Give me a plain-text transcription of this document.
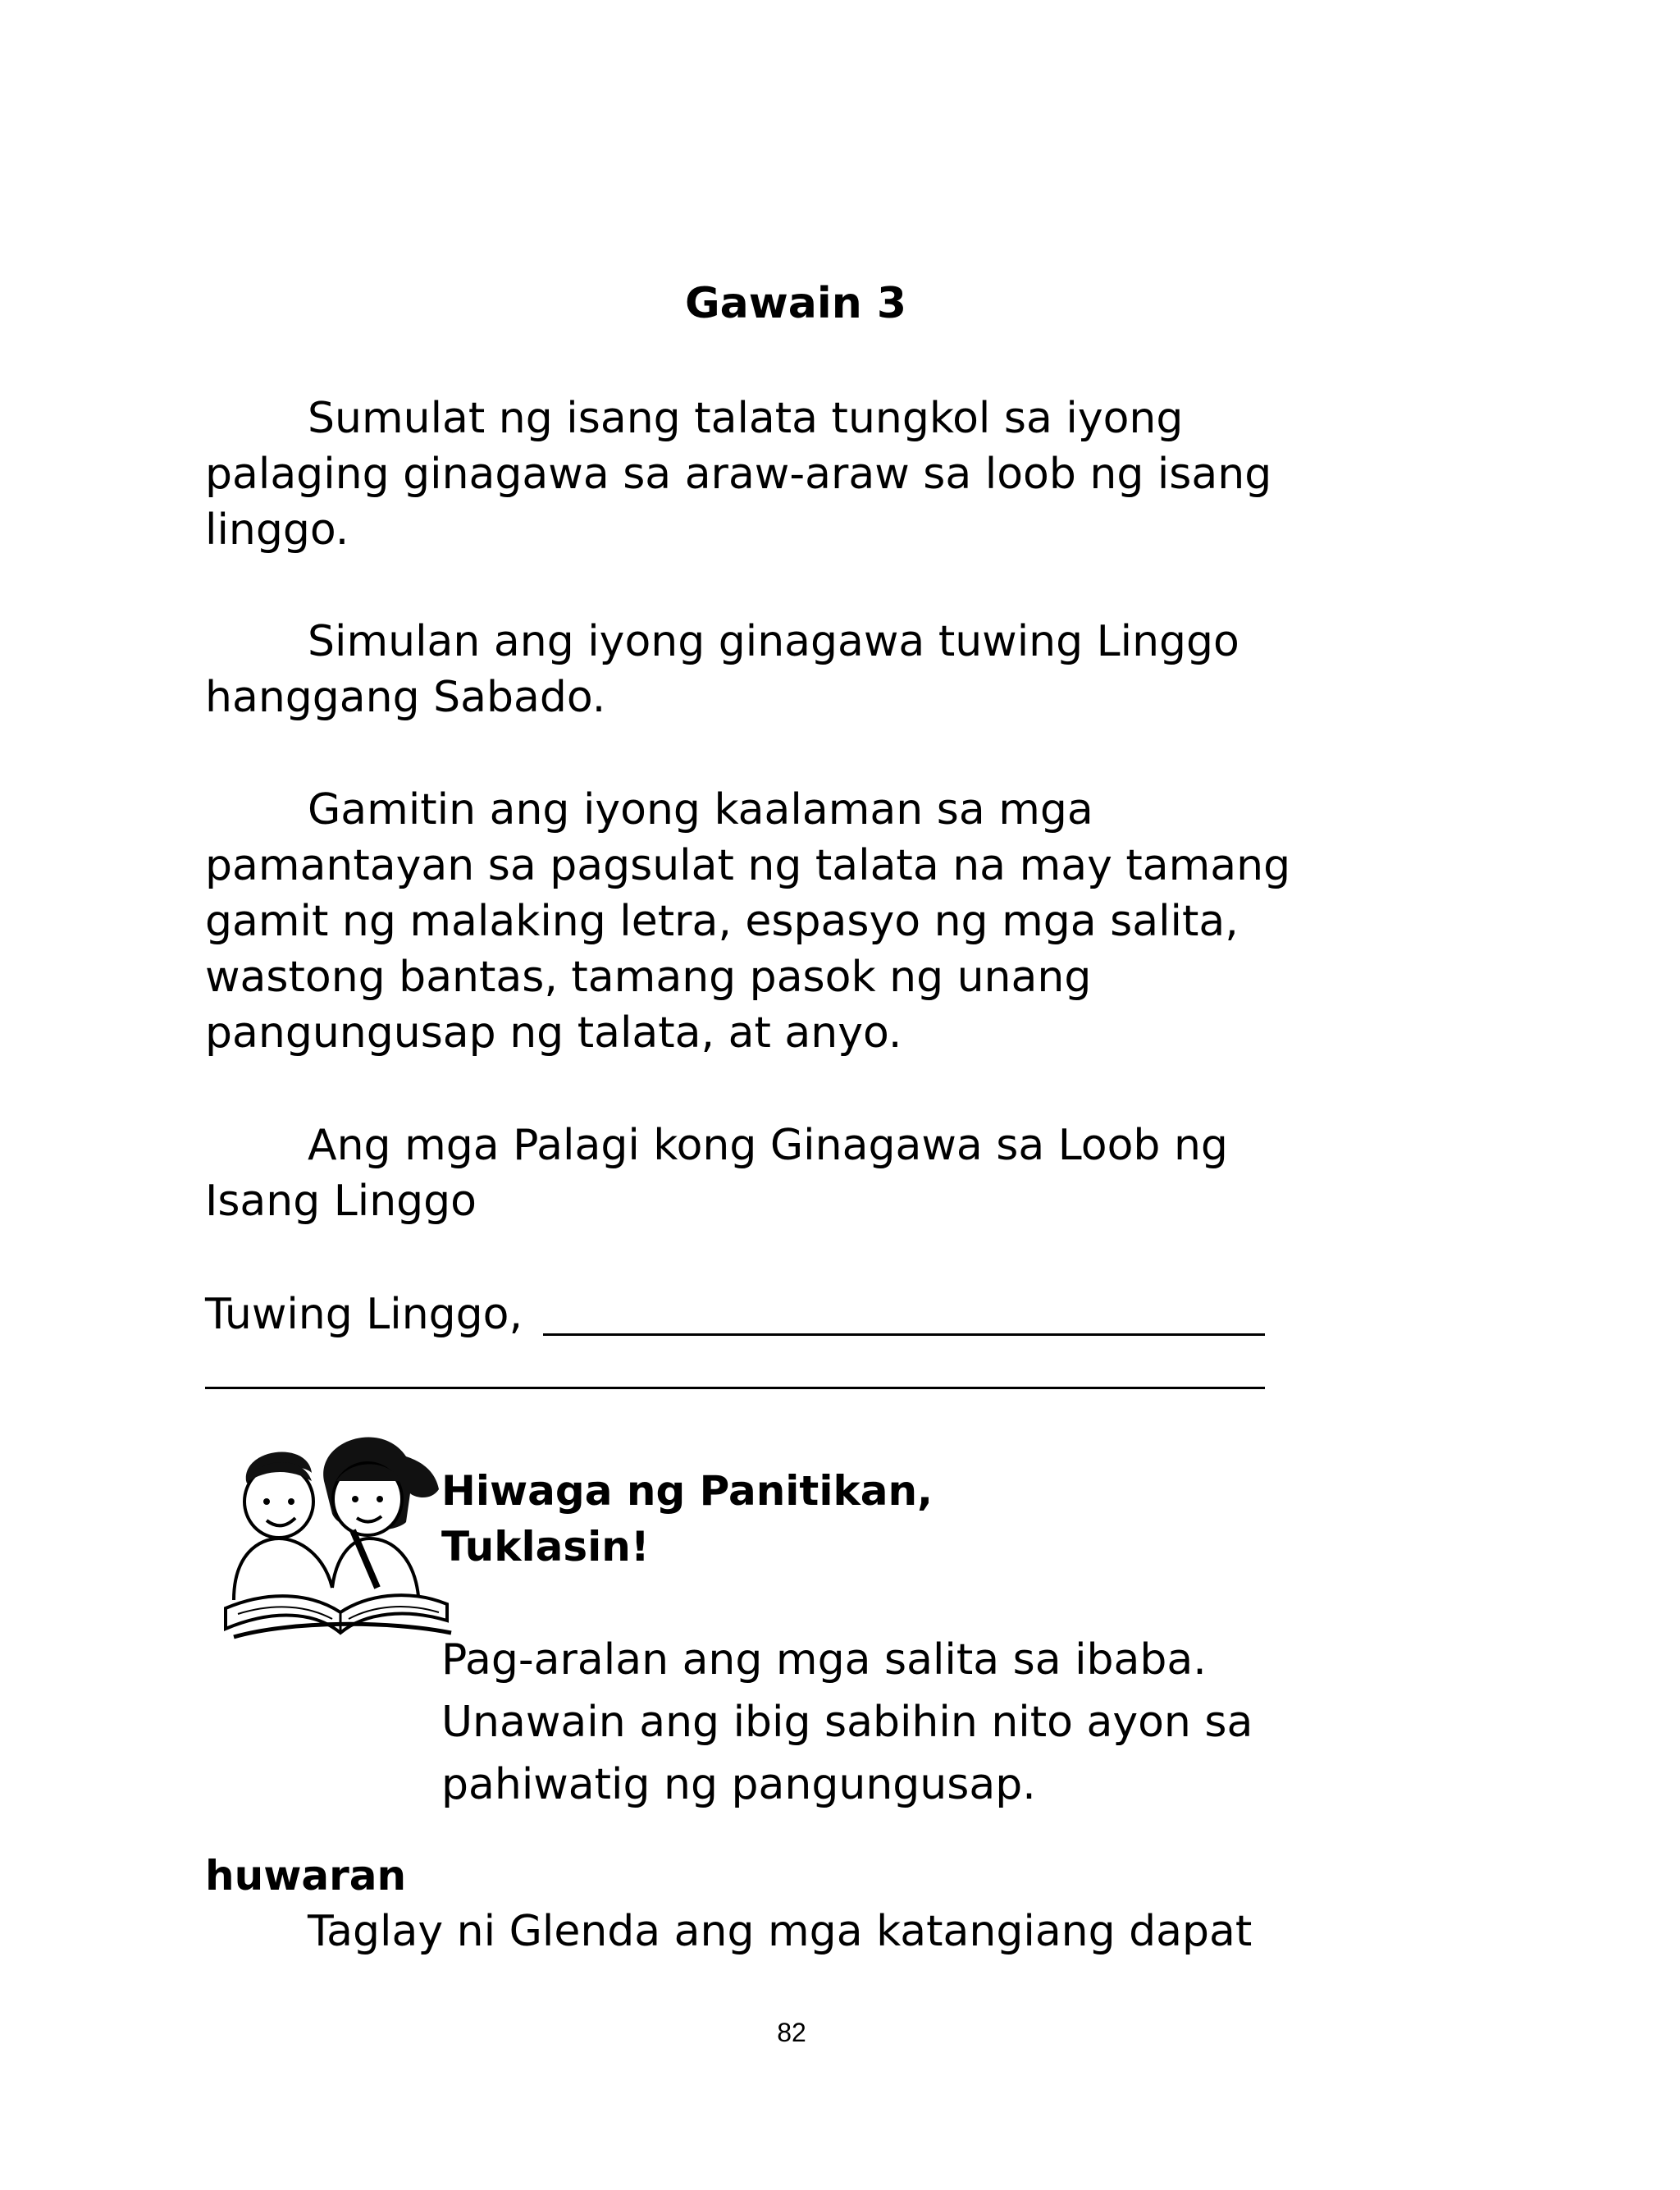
Gawain 3

Sumulat ng isang talata tungkol sa iyong
palaging ginagawa sa araw-araw sa loob ng isang
linggo.

Simulan ang iyong ginagawa tuwing Linggo
hanggang Sabado.

Gamitin ang iyong kaalaman sa mga
pamantayan sa pagsulat ng talata na may tamang
gamit ng malaking letra, espasyo ng mga salita,
wastong bantas, tamang pasok ng unang
pangungusap ng talata, at anyo.

Ang mga Palagi kong Ginagawa sa Loob ng
Isang Linggo

Tuwing Linggo,
Hiwaga ng Panitikan,
Tuklasin!
Pag-aralan ang mga salita sa ibaba.
Unawain ang ibig sabihin nito ayon sa
pahiwatig ng pangungusap.
huwaran
Taglay ni Glenda ang mga katangiang dapat
82
